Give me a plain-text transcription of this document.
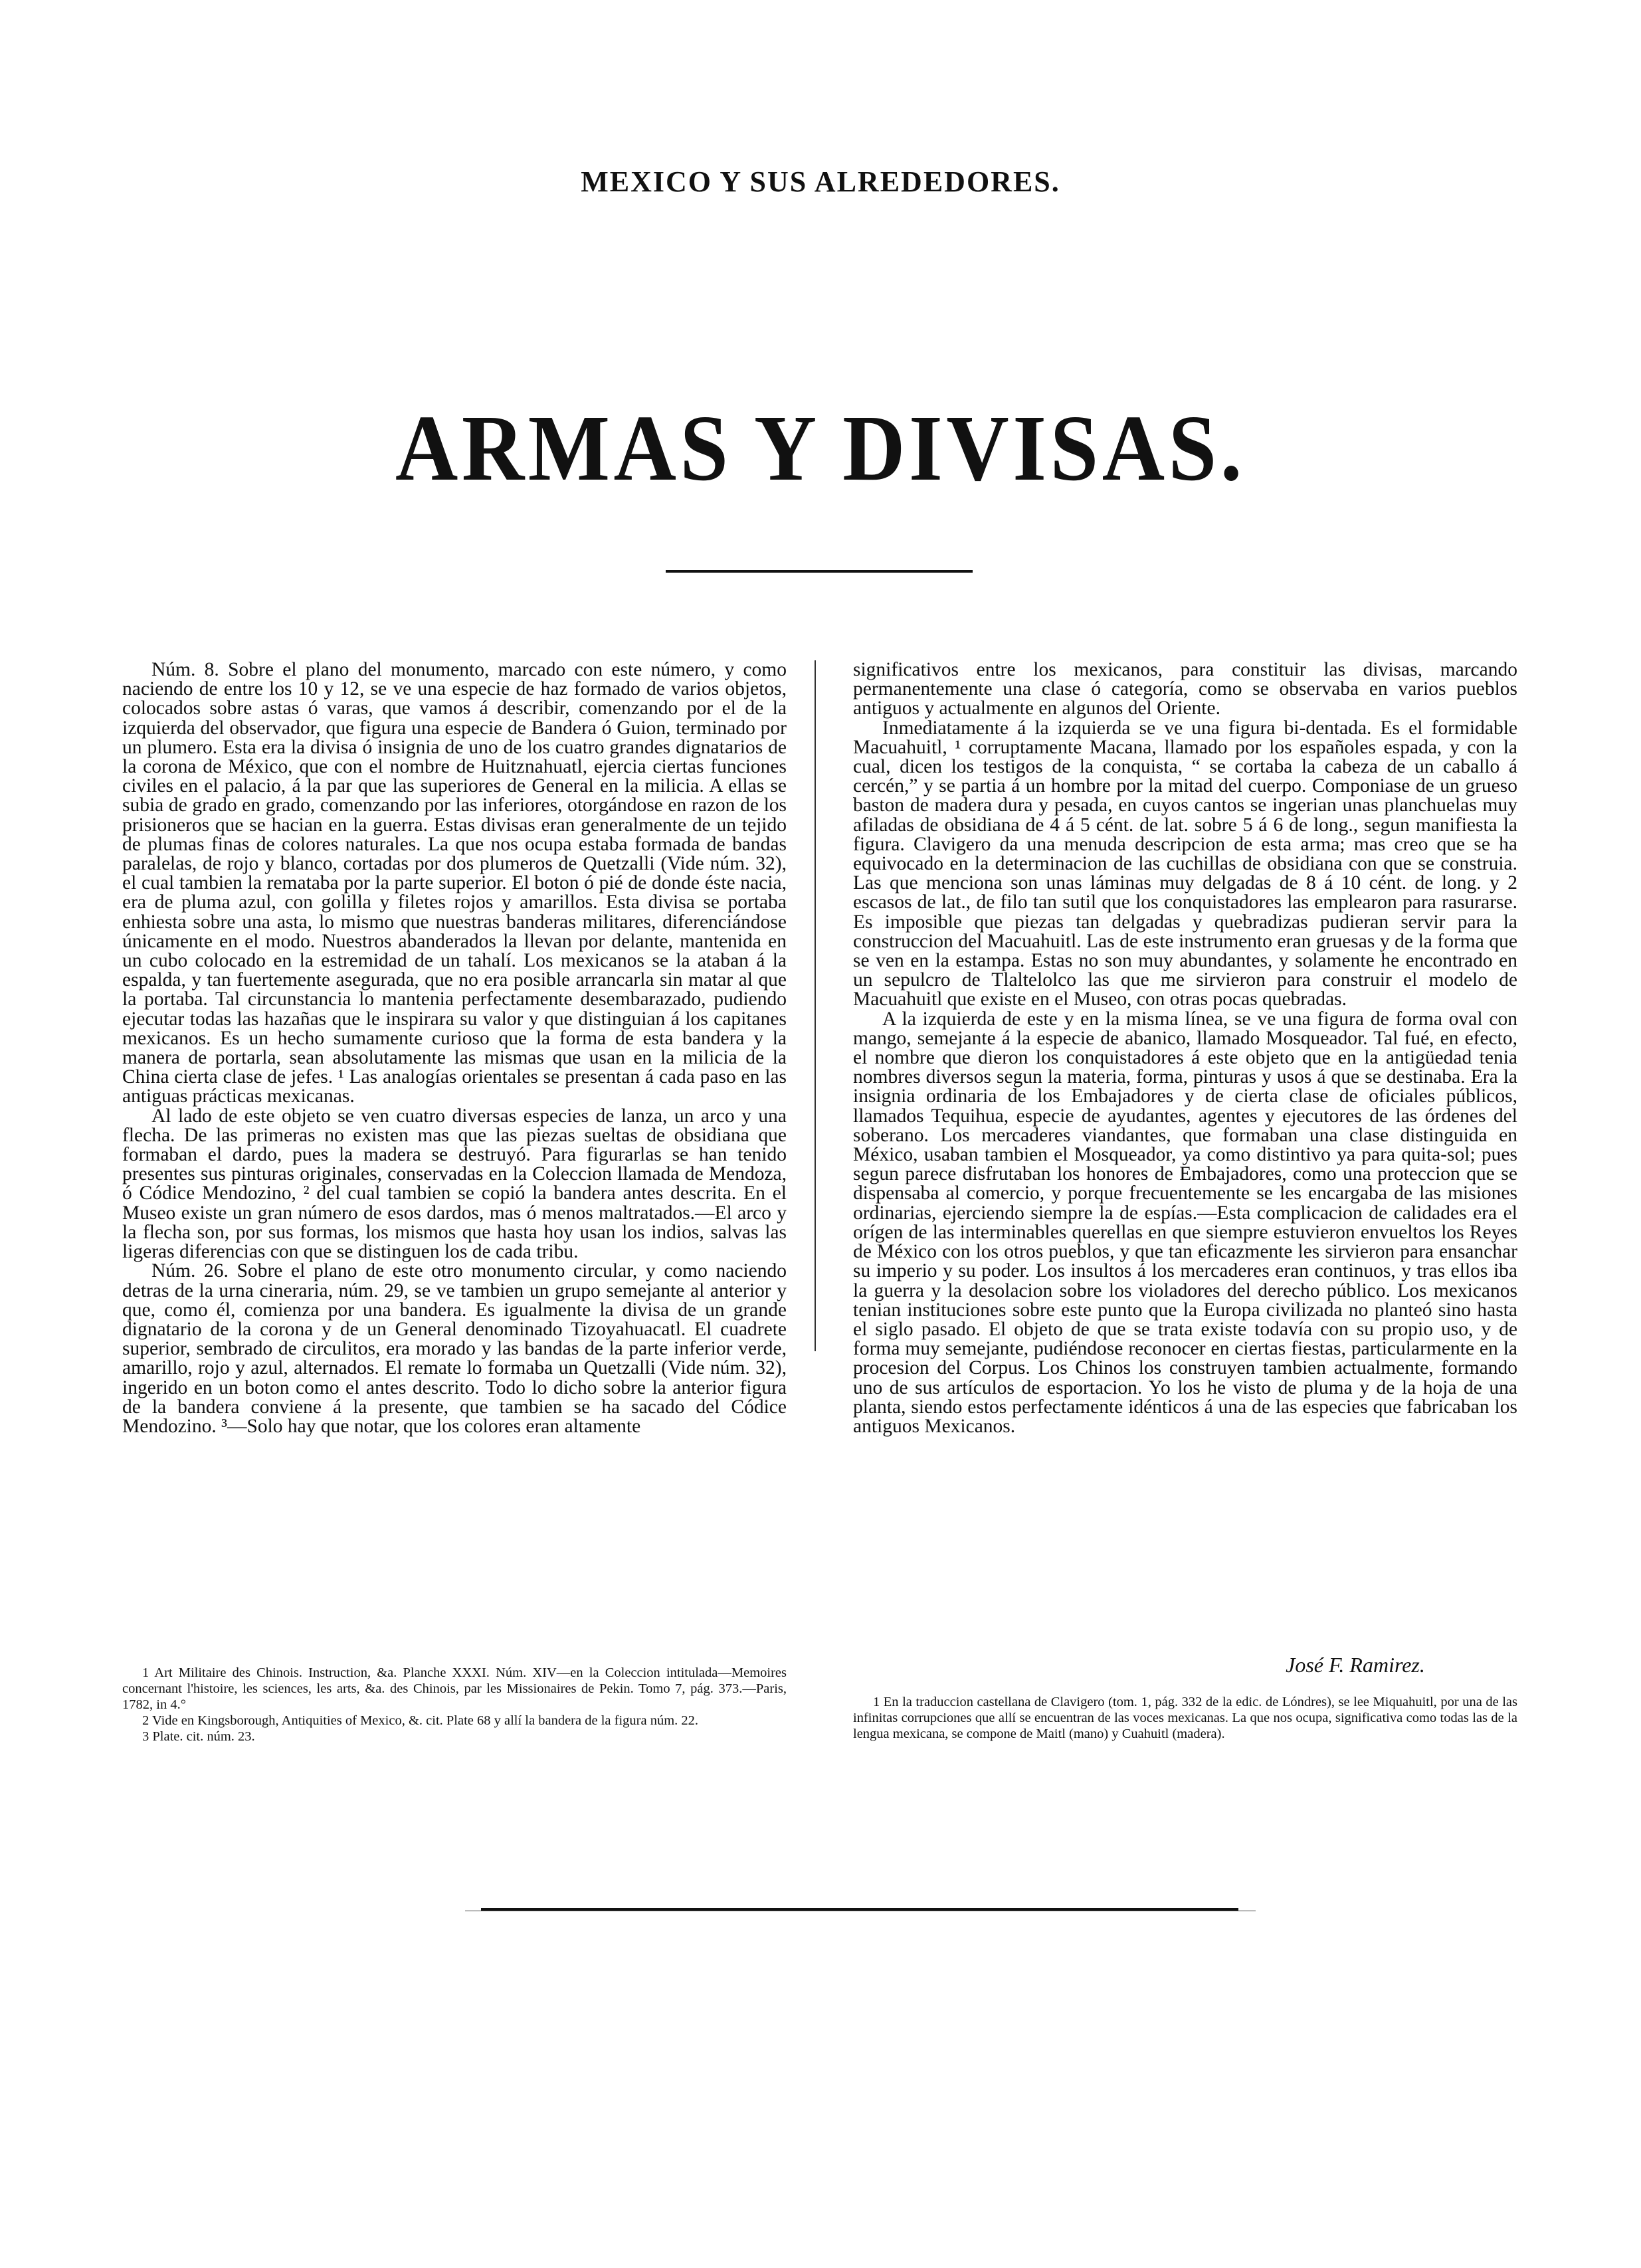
MEXICO Y SUS ALREDEDORES.
ARMAS Y DIVISAS.

Núm. 8. Sobre el plano del monumento, marcado con este número, y como naciendo de entre los 10 y 12, se ve una especie de haz formado de varios objetos, colocados sobre astas ó varas, que vamos á describir, comenzando por el de la izquierda del observador, que figura una especie de Bandera ó Guion, terminado por un plumero. Esta era la divisa ó insignia de uno de los cuatro grandes dignatarios de la corona de México, que con el nombre de Huitznahuatl, ejercia ciertas funciones civiles en el palacio, á la par que las superiores de General en la milicia. A ellas se subia de grado en grado, comenzando por las inferiores, otorgándose en razon de los prisioneros que se hacian en la guerra. Estas divisas eran generalmente de un tejido de plumas finas de colores naturales. La que nos ocupa estaba formada de bandas paralelas, de rojo y blanco, cortadas por dos plumeros de Quetzalli (Vide núm. 32), el cual tambien la remataba por la parte superior. El boton ó pié de donde éste nacia, era de pluma azul, con golilla y filetes rojos y amarillos. Esta divisa se portaba enhiesta sobre una asta, lo mismo que nuestras banderas militares, diferenciándose únicamente en el modo. Nuestros abanderados la llevan por delante, mantenida en un cubo colocado en la estremidad de un tahalí. Los mexicanos se la ataban á la espalda, y tan fuertemente asegurada, que no era posible arrancarla sin matar al que la portaba. Tal circunstancia lo mantenia perfectamente desembarazado, pudiendo ejecutar todas las hazañas que le inspirara su valor y que distinguian á los capitanes mexicanos. Es un hecho sumamente curioso que la forma de esta bandera y la manera de portarla, sean absolutamente las mismas que usan en la milicia de la China cierta clase de jefes. ¹ Las analogías orientales se presentan á cada paso en las antiguas prácticas mexicanas.

Al lado de este objeto se ven cuatro diversas especies de lanza, un arco y una flecha. De las primeras no existen mas que las piezas sueltas de obsidiana que formaban el dardo, pues la madera se destruyó. Para figurarlas se han tenido presentes sus pinturas originales, conservadas en la Coleccion llamada de Mendoza, ó Códice Mendozino, ² del cual tambien se copió la bandera antes descrita. En el Museo existe un gran número de esos dardos, mas ó menos maltratados.—El arco y la flecha son, por sus formas, los mismos que hasta hoy usan los indios, salvas las ligeras diferencias con que se distinguen los de cada tribu.

Núm. 26. Sobre el plano de este otro monumento circular, y como naciendo detras de la urna cineraria, núm. 29, se ve tambien un grupo semejante al anterior y que, como él, comienza por una bandera. Es igualmente la divisa de un grande dignatario de la corona y de un General denominado Tizoyahuacatl. El cuadrete superior, sembrado de circulitos, era morado y las bandas de la parte inferior verde, amarillo, rojo y azul, alternados. El remate lo formaba un Quetzalli (Vide núm. 32), ingerido en un boton como el antes descrito. Todo lo dicho sobre la anterior figura de la bandera conviene á la presente, que tambien se ha sacado del Códice Mendozino. ³—Solo hay que notar, que los colores eran altamente

significativos entre los mexicanos, para constituir las divisas, marcando permanentemente una clase ó categoría, como se observaba en varios pueblos antiguos y actualmente en algunos del Oriente.

Inmediatamente á la izquierda se ve una figura bi-dentada. Es el formidable Macuahuitl, ¹ corruptamente Macana, llamado por los españoles espada, y con la cual, dicen los testigos de la conquista, “ se cortaba la cabeza de un caballo á cercén,” y se partia á un hombre por la mitad del cuerpo. Componiase de un grueso baston de madera dura y pesada, en cuyos cantos se ingerian unas planchuelas muy afiladas de obsidiana de 4 á 5 cént. de lat. sobre 5 á 6 de long., segun manifiesta la figura. Clavigero da una menuda descripcion de esta arma; mas creo que se ha equivocado en la determinacion de las cuchillas de obsidiana con que se construia. Las que menciona son unas láminas muy delgadas de 8 á 10 cént. de long. y 2 escasos de lat., de filo tan sutil que los conquistadores las emplearon para rasurarse. Es imposible que piezas tan delgadas y quebradizas pudieran servir para la construccion del Macuahuitl. Las de este instrumento eran gruesas y de la forma que se ven en la estampa. Estas no son muy abundantes, y solamente he encontrado en un sepulcro de Tlaltelolco las que me sirvieron para construir el modelo de Macuahuitl que existe en el Museo, con otras pocas quebradas.

A la izquierda de este y en la misma línea, se ve una figura de forma oval con mango, semejante á la especie de abanico, llamado Mosqueador. Tal fué, en efecto, el nombre que dieron los conquistadores á este objeto que en la antigüedad tenia nombres diversos segun la materia, forma, pinturas y usos á que se destinaba. Era la insignia ordinaria de los Embajadores y de cierta clase de oficiales públicos, llamados Tequihua, especie de ayudantes, agentes y ejecutores de las órdenes del soberano. Los mercaderes viandantes, que formaban una clase distinguida en México, usaban tambien el Mosqueador, ya como distintivo ya para quita-sol; pues segun parece disfrutaban los honores de Embajadores, como una proteccion que se dispensaba al comercio, y porque frecuentemente se les encargaba de las misiones ordinarias, ejerciendo siempre la de espías.—Esta complicacion de calidades era el orígen de las interminables querellas en que siempre estuvieron envueltos los Reyes de México con los otros pueblos, y que tan eficazmente les sirvieron para ensanchar su imperio y su poder. Los insultos á los mercaderes eran continuos, y tras ellos iba la guerra y la desolacion sobre los violadores del derecho público. Los mexicanos tenian instituciones sobre este punto que la Europa civilizada no planteó sino hasta el siglo pasado. El objeto de que se trata existe todavía con su propio uso, y de forma muy semejante, pudiéndose reconocer en ciertas fiestas, particularmente en la procesion del Corpus. Los Chinos los construyen tambien actualmente, formando uno de sus artículos de esportacion. Yo los he visto de pluma y de la hoja de una planta, siendo estos perfectamente idénticos á una de las especies que fabricaban los antiguos Mexicanos.

José F. Ramirez.

1 Art Militaire des Chinois. Instruction, &a. Planche XXXI. Núm. XIV—en la Coleccion intitulada—Memoires concernant l'histoire, les sciences, les arts, &a. des Chinois, par les Missionaires de Pekin. Tomo 7, pág. 373.—Paris, 1782, in 4.°

2 Vide en Kingsborough, Antiquities of Mexico, &. cit. Plate 68 y allí la bandera de la figura núm. 22.

3 Plate. cit. núm. 23.

1 En la traduccion castellana de Clavigero (tom. 1, pág. 332 de la edic. de Lóndres), se lee Miquahuitl, por una de las infinitas corrupciones que allí se encuentran de las voces mexicanas. La que nos ocupa, significativa como todas las de la lengua mexicana, se compone de Maitl (mano) y Cuahuitl (madera).
